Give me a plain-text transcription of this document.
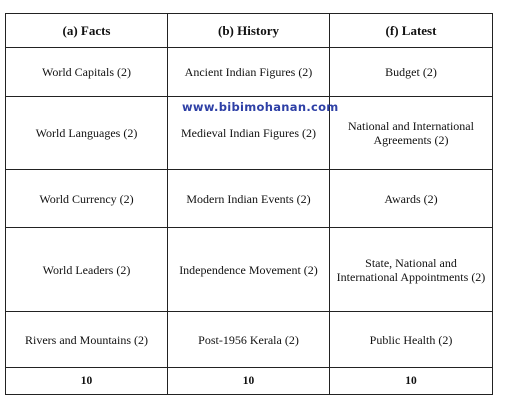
(a) Facts	(b) History	(f) Latest
World Capitals (2)	Ancient Indian Figures (2)	Budget (2)
World Languages (2)	Medieval Indian Figures (2)	National and International Agreements (2)
World Currency (2)	Modern Indian Events (2)	Awards (2)
World Leaders (2)	Independence Movement (2)	State, National and International Appointments (2)
Rivers and Mountains (2)	Post-1956 Kerala (2)	Public Health (2)
10	10	10
www.bibimohanan.com
